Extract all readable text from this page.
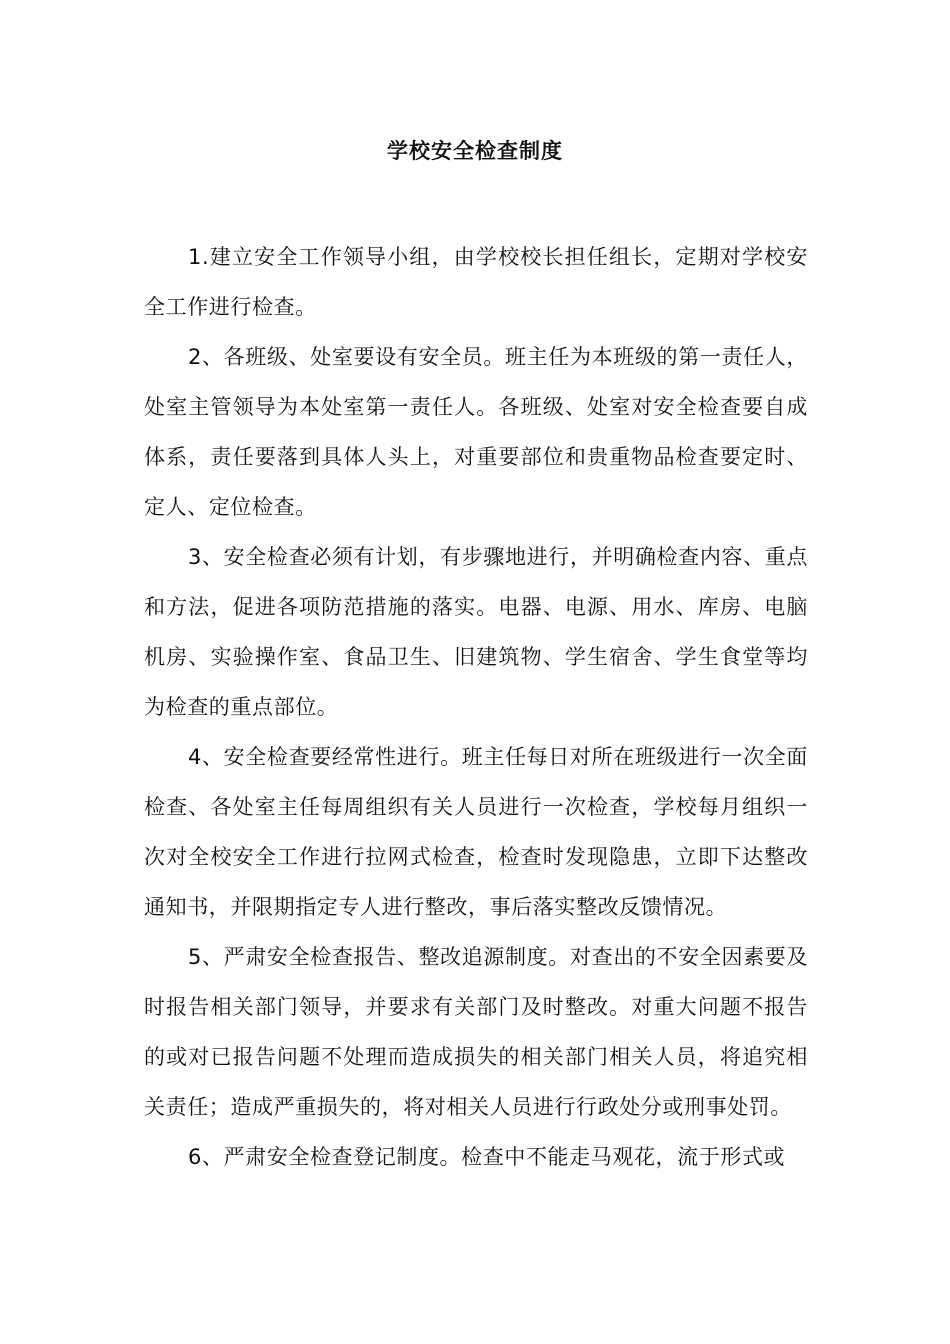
学校安全检查制度

1.建立安全工作领导小组，由学校校长担任组长，定期对学校安全工作进行检查。

2、各班级、处室要设有安全员。班主任为本班级的第一责任人，处室主管领导为本处室第一责任人。各班级、处室对安全检查要自成体系，责任要落到具体人头上，对重要部位和贵重物品检查要定时、定人、定位检查。

3、安全检查必须有计划，有步骤地进行，并明确检查内容、重点和方法，促进各项防范措施的落实。电器、电源、用水、库房、电脑机房、实验操作室、食品卫生、旧建筑物、学生宿舍、学生食堂等均为检查的重点部位。

4、安全检查要经常性进行。班主任每日对所在班级进行一次全面检查、各处室主任每周组织有关人员进行一次检查，学校每月组织一次对全校安全工作进行拉网式检查，检查时发现隐患，立即下达整改通知书，并限期指定专人进行整改，事后落实整改反馈情况。

5、严肃安全检查报告、整改追源制度。对查出的不安全因素要及时报告相关部门领导，并要求有关部门及时整改。对重大问题不报告的或对已报告问题不处理而造成损失的相关部门相关人员，将追究相关责任；造成严重损失的，将对相关人员进行行政处分或刑事处罚。

6、严肃安全检查登记制度。检查中不能走马观花，流于形式或
